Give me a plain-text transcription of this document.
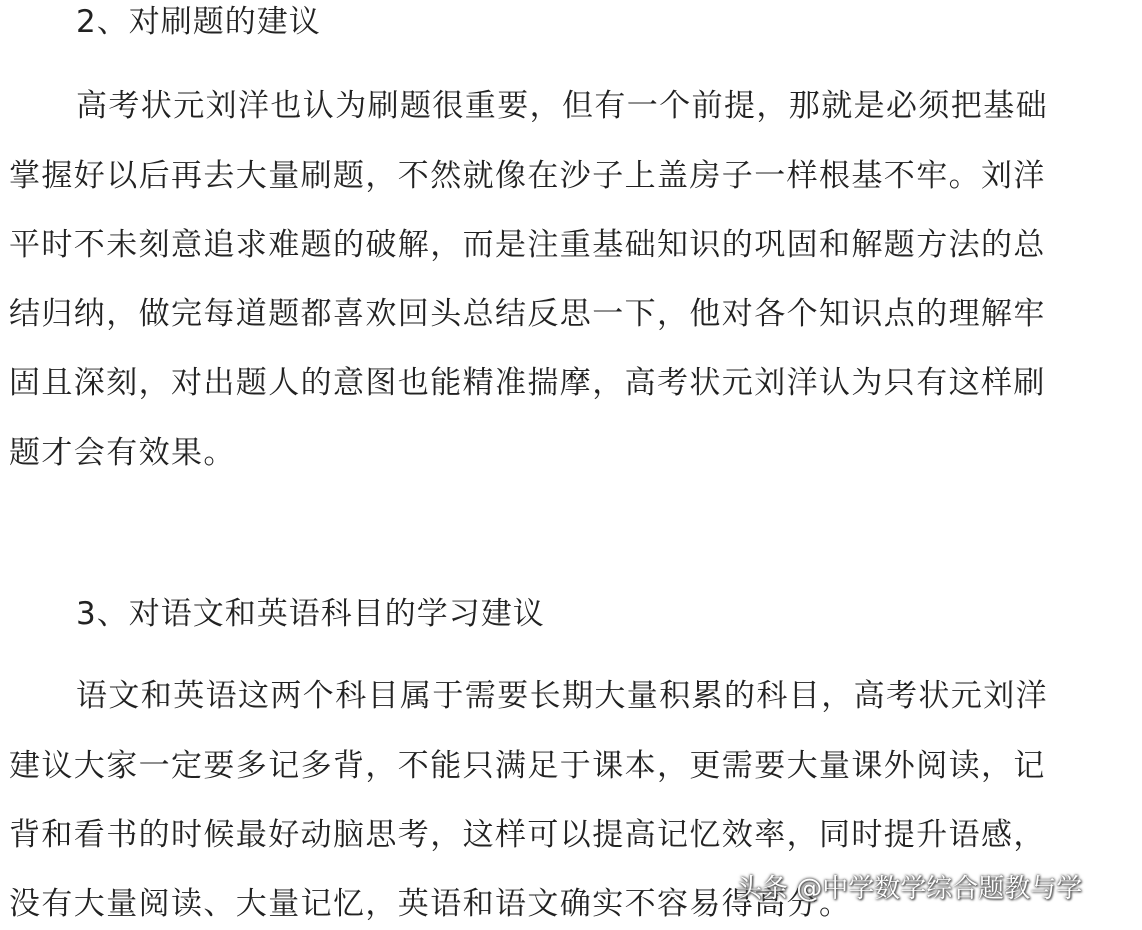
2、对刷题的建议
高考状元刘洋也认为刷题很重要，但有一个前提，那就是必须把基础
掌握好以后再去大量刷题，不然就像在沙子上盖房子一样根基不牢。刘洋
平时不未刻意追求难题的破解，而是注重基础知识的巩固和解题方法的总
结归纳，做完每道题都喜欢回头总结反思一下，他对各个知识点的理解牢
固且深刻，对出题人的意图也能精准揣摩，高考状元刘洋认为只有这样刷
题才会有效果。
3、对语文和英语科目的学习建议
语文和英语这两个科目属于需要长期大量积累的科目，高考状元刘洋
建议大家一定要多记多背，不能只满足于课本，更需要大量课外阅读，记
背和看书的时候最好动脑思考，这样可以提高记忆效率，同时提升语感，
没有大量阅读、大量记忆，英语和语文确实不容易得高分。
头条 @中学数学综合题教与学
